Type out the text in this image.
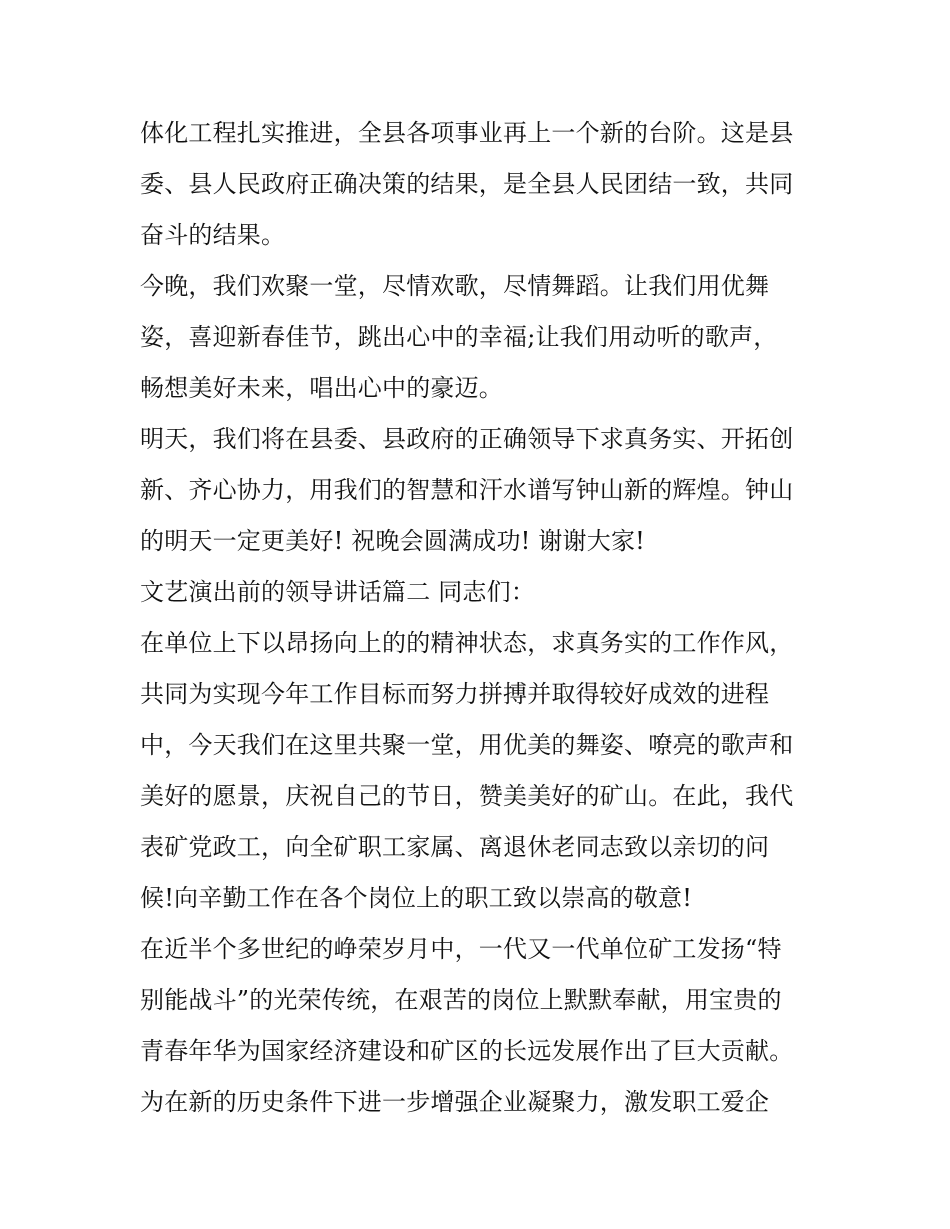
体化工程扎实推进，全县各项事业再上一个新的台阶。这是县
委、县人民政府正确决策的结果，是全县人民团结一致，共同
奋斗的结果。
今晚，我们欢聚一堂，尽情欢歌，尽情舞蹈。让我们用优舞
姿，喜迎新春佳节，跳出心中的幸福;让我们用动听的歌声，
畅想美好未来，唱出心中的豪迈。
明天，我们将在县委、县政府的正确领导下求真务实、开拓创
新、齐心协力，用我们的智慧和汗水谱写钟山新的辉煌。钟山
的明天一定更美好! 祝晚会圆满成功! 谢谢大家!
文艺演出前的领导讲话篇二 同志们：
在单位上下以昂扬向上的的精神状态，求真务实的工作作风，
共同为实现今年工作目标而努力拼搏并取得较好成效的进程
中，今天我们在这里共聚一堂，用优美的舞姿、嘹亮的歌声和
美好的愿景，庆祝自己的节日，赞美美好的矿山。在此，我代
表矿党政工，向全矿职工家属、离退休老同志致以亲切的问
候!向辛勤工作在各个岗位上的职工致以崇高的敬意!
在近半个多世纪的峥荣岁月中，一代又一代单位矿工发扬“特
别能战斗”的光荣传统，在艰苦的岗位上默默奉献，用宝贵的
青春年华为国家经济建设和矿区的长远发展作出了巨大贡献。
为在新的历史条件下进一步增强企业凝聚力，激发职工爱企
